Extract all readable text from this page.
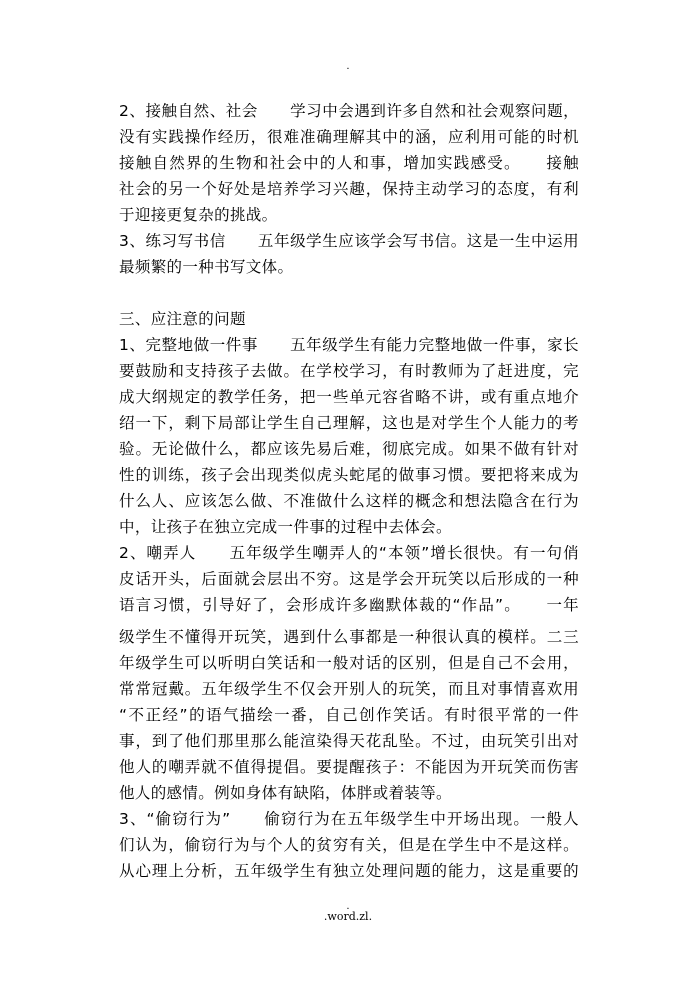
.
2、接触自然、社会　　学习中会遇到许多自然和社会观察问题，
没有实践操作经历，很难准确理解其中的涵，应利用可能的时机
接触自然界的生物和社会中的人和事，增加实践感受。　　接触
社会的另一个好处是培养学习兴趣，保持主动学习的态度，有利
于迎接更复杂的挑战。
3、练习写书信　　五年级学生应该学会写书信。这是一生中运用
最频繁的一种书写文体。
三、应注意的问题
1、完整地做一件事　　五年级学生有能力完整地做一件事，家长
要鼓励和支持孩子去做。在学校学习，有时教师为了赶进度，完
成大纲规定的教学任务，把一些单元容省略不讲，或有重点地介
绍一下，剩下局部让学生自己理解，这也是对学生个人能力的考
验。无论做什么，都应该先易后难，彻底完成。如果不做有针对
性的训练，孩子会出现类似虎头蛇尾的做事习惯。要把将来成为
什么人、应该怎么做、不准做什么这样的概念和想法隐含在行为
中，让孩子在独立完成一件事的过程中去体会。
2、嘲弄人　　五年级学生嘲弄人的“本领”增长很快。有一句俏
皮话开头，后面就会层出不穷。这是学会开玩笑以后形成的一种
语言习惯，引导好了，会形成许多幽默体裁的“作品”。　　一年
级学生不懂得开玩笑，遇到什么事都是一种很认真的模样。二三
年级学生可以听明白笑话和一般对话的区别，但是自己不会用，
常常冠戴。五年级学生不仅会开别人的玩笑，而且对事情喜欢用
“不正经”的语气描绘一番，自己创作笑话。有时很平常的一件
事，到了他们那里那么能渲染得天花乱坠。不过，由玩笑引出对
他人的嘲弄就不值得提倡。要提醒孩子：不能因为开玩笑而伤害
他人的感情。例如身体有缺陷，体胖或着装等。
3、“偷窃行为”　　偷窃行为在五年级学生中开场出现。一般人
们认为，偷窃行为与个人的贫穷有关，但是在学生中不是这样。
从心理上分析，五年级学生有独立处理问题的能力，这是重要的
.
.word.zl.
